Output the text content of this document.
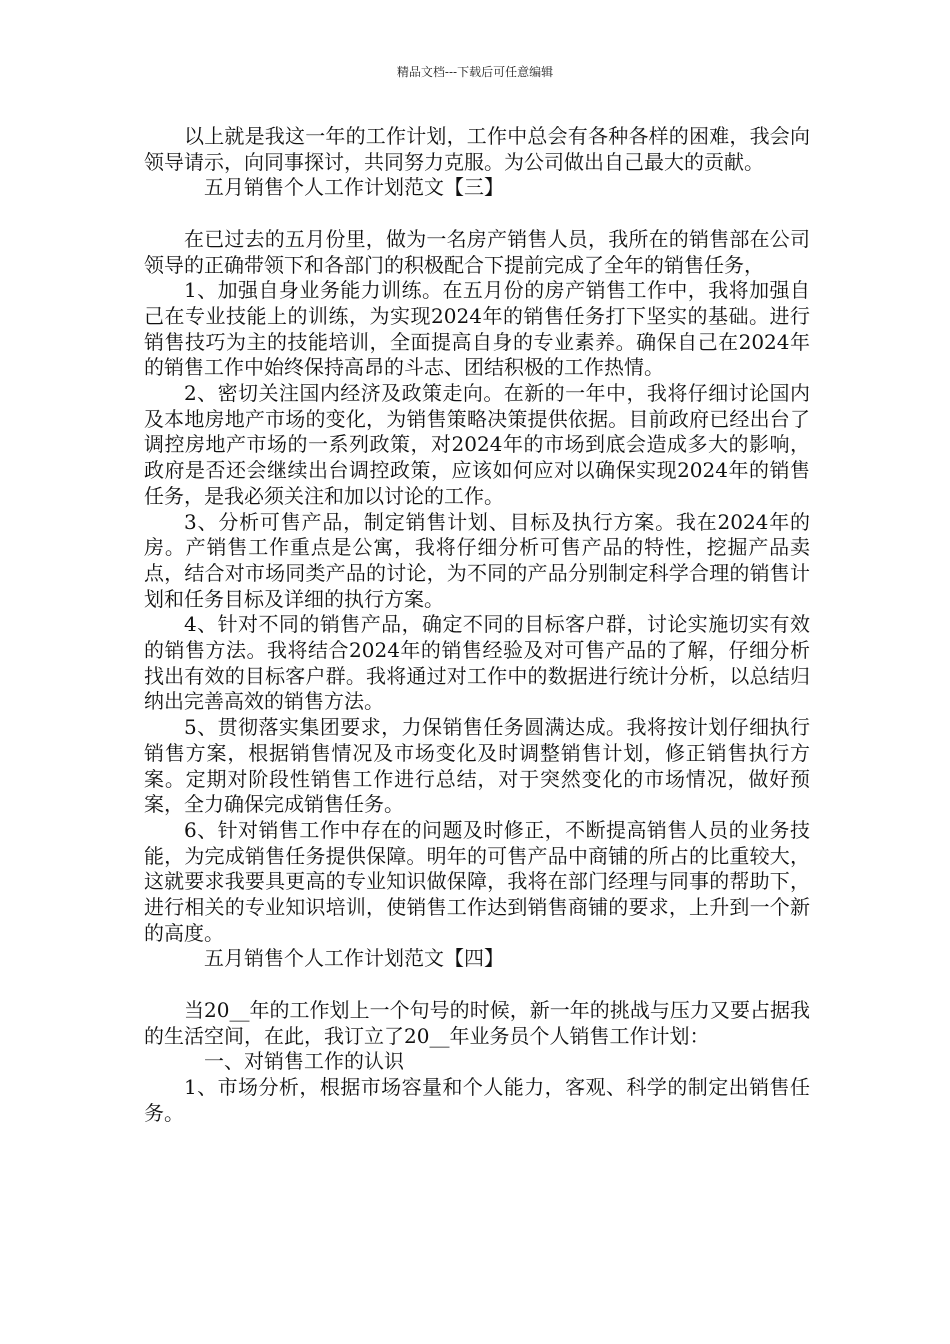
精品文档---下载后可任意编辑

以上就是我这一年的工作计划，工作中总会有各种各样的困难，我会向领导请示，向同事探讨，共同努力克服。为公司做出自己最大的贡献。

五月销售个人工作计划范文【三】

在已过去的五月份里，做为一名房产销售人员，我所在的销售部在公司领导的正确带领下和各部门的积极配合下提前完成了全年的销售任务，

1、加强自身业务能力训练。在五月份的房产销售工作中，我将加强自己在专业技能上的训练，为实现2024年的销售任务打下坚实的基础。进行销售技巧为主的技能培训，全面提高自身的专业素养。确保自己在2024年的销售工作中始终保持高昂的斗志、团结积极的工作热情。

2、密切关注国内经济及政策走向。在新的一年中，我将仔细讨论国内及本地房地产市场的变化，为销售策略决策提供依据。目前政府已经出台了调控房地产市场的一系列政策，对2024年的市场到底会造成多大的影响，政府是否还会继续出台调控政策，应该如何应对以确保实现2024年的销售任务，是我必须关注和加以讨论的工作。

3、分析可售产品，制定销售计划、目标及执行方案。我在2024年的房。产销售工作重点是公寓，我将仔细分析可售产品的特性，挖掘产品卖点，结合对市场同类产品的讨论，为不同的产品分别制定科学合理的销售计划和任务目标及详细的执行方案。

4、针对不同的销售产品，确定不同的目标客户群，讨论实施切实有效的销售方法。我将结合2024年的销售经验及对可售产品的了解，仔细分析找出有效的目标客户群。我将通过对工作中的数据进行统计分析，以总结归纳出完善高效的销售方法。

5、贯彻落实集团要求，力保销售任务圆满达成。我将按计划仔细执行销售方案，根据销售情况及市场变化及时调整销售计划，修正销售执行方案。定期对阶段性销售工作进行总结，对于突然变化的市场情况，做好预案，全力确保完成销售任务。

6、针对销售工作中存在的问题及时修正，不断提高销售人员的业务技能，为完成销售任务提供保障。明年的可售产品中商铺的所占的比重较大，这就要求我要具更高的专业知识做保障，我将在部门经理与同事的帮助下，进行相关的专业知识培训，使销售工作达到销售商铺的要求，上升到一个新的高度。

五月销售个人工作计划范文【四】

当20__年的工作划上一个句号的时候，新一年的挑战与压力又要占据我的生活空间，在此，我订立了20__年业务员个人销售工作计划：

一、对销售工作的认识

1、市场分析，根据市场容量和个人能力，客观、科学的制定出销售任务。
